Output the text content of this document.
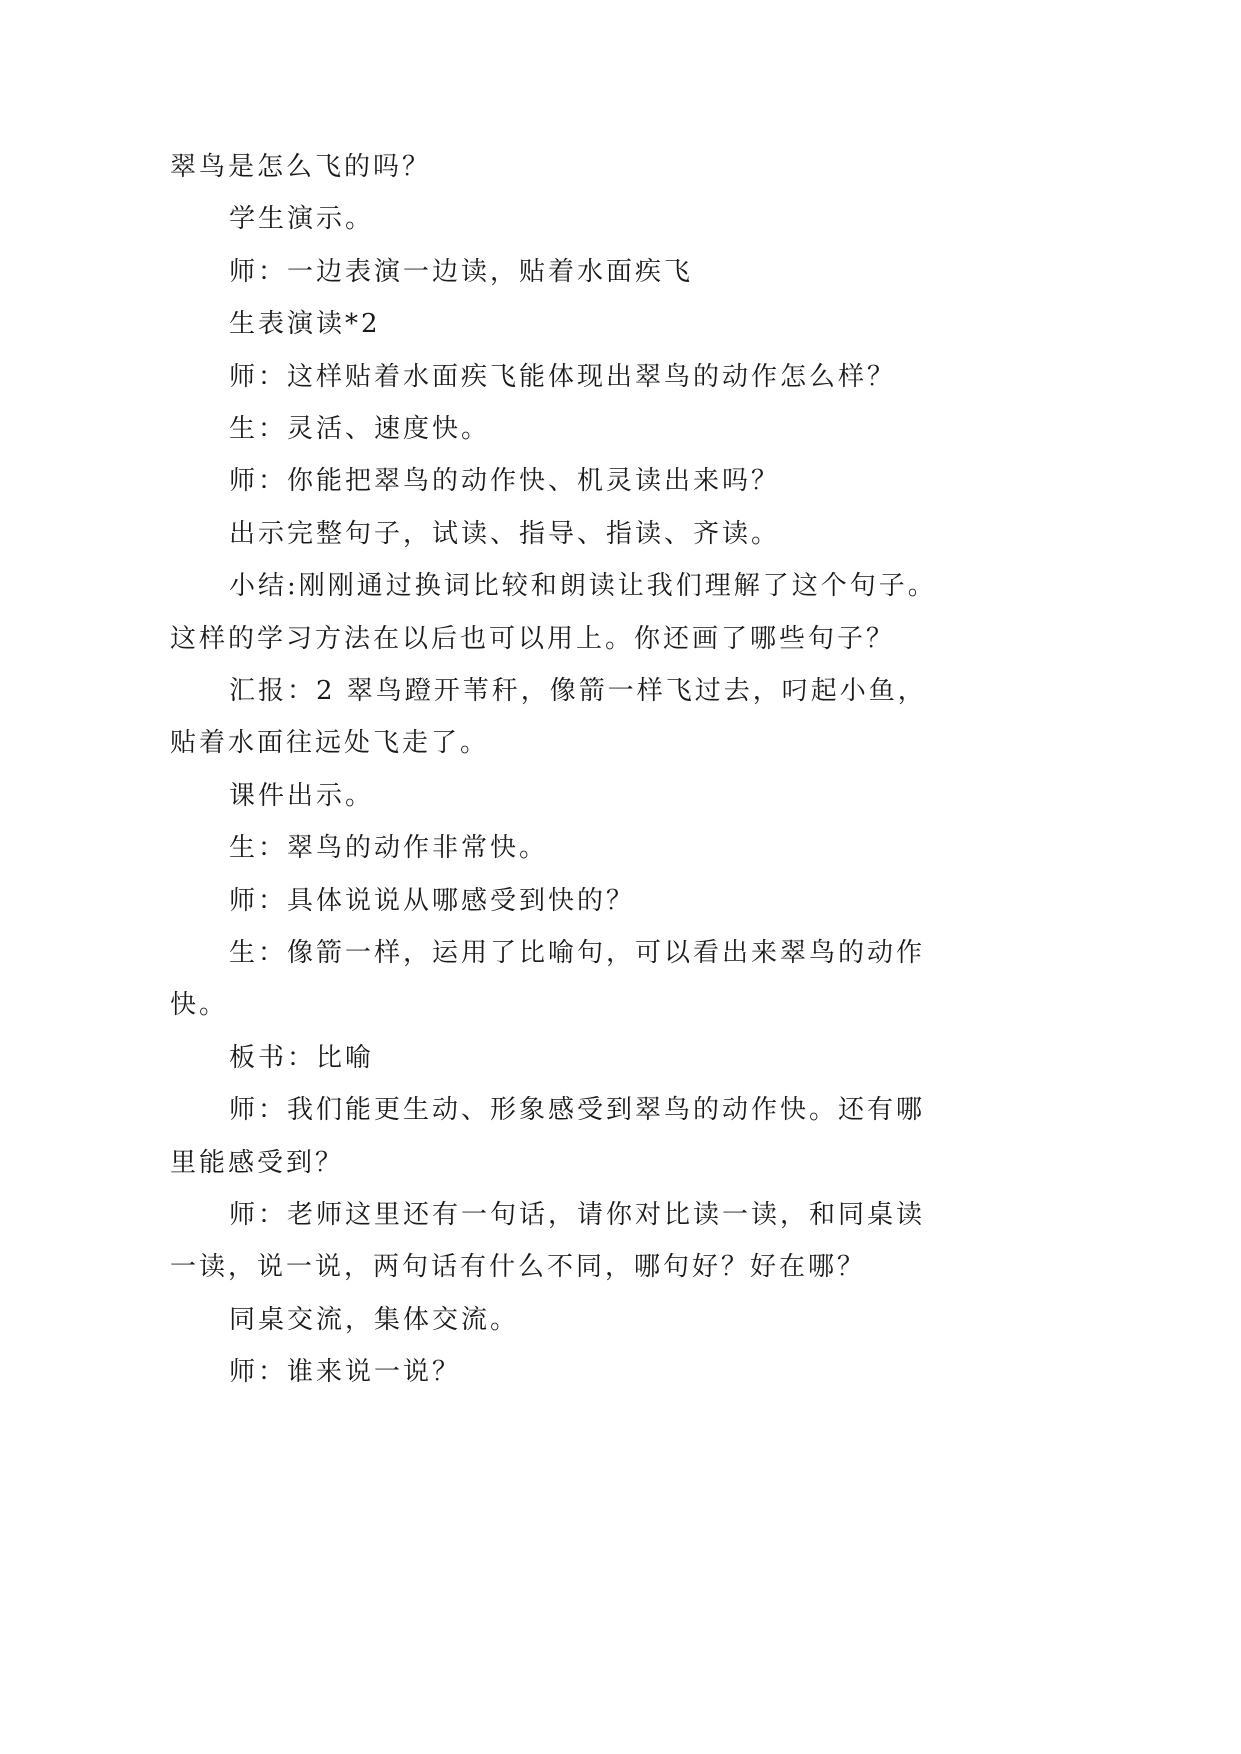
翠鸟是怎么飞的吗？
学生演示。
师：一边表演一边读，贴着水面疾飞
生表演读*2
师：这样贴着水面疾飞能体现出翠鸟的动作怎么样？
生：灵活、速度快。
师：你能把翠鸟的动作快、机灵读出来吗？
出示完整句子，试读、指导、指读、齐读。
小结:刚刚通过换词比较和朗读让我们理解了这个句子。
这样的学习方法在以后也可以用上。你还画了哪些句子？
汇报：2 翠鸟蹬开苇秆，像箭一样飞过去，叼起小鱼，
贴着水面往远处飞走了。
课件出示。
生：翠鸟的动作非常快。
师：具体说说从哪感受到快的？
生：像箭一样，运用了比喻句，可以看出来翠鸟的动作
快。
板书：比喻
师：我们能更生动、形象感受到翠鸟的动作快。还有哪
里能感受到？
师：老师这里还有一句话，请你对比读一读，和同桌读
一读，说一说，两句话有什么不同，哪句好？好在哪？
同桌交流，集体交流。
师：谁来说一说？
